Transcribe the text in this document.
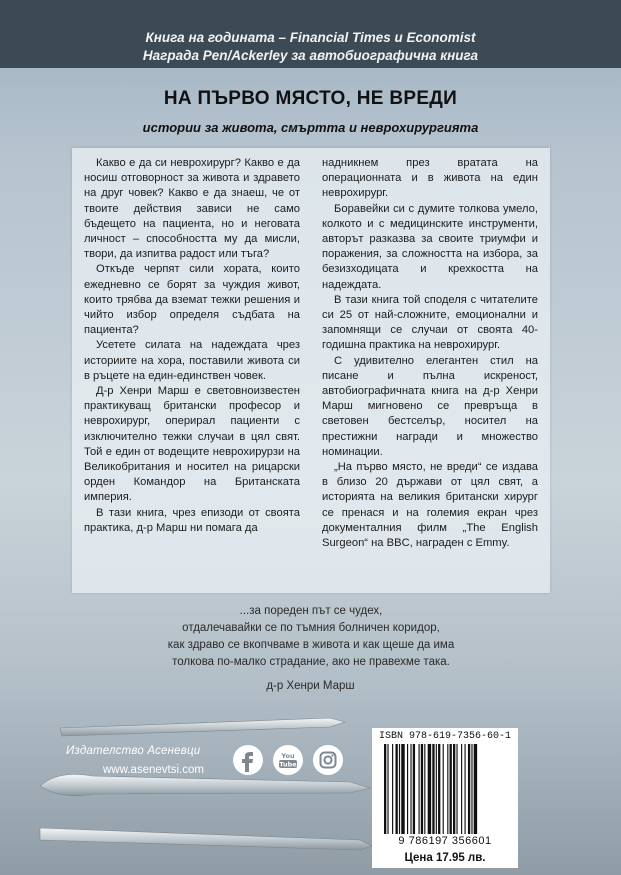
Книга на годината – Financial Times и Economist
Награда Pen/Ackerley за автобиографична книга
НА ПЪРВО МЯСТО, НЕ ВРЕДИ
истории за живота, смъртта и неврохирургията

Какво е да си неврохирург? Какво е да носиш отговорност за живота и здравето на друг човек? Какво е да знаеш, че от твоите действия зависи не само бъдещето на пациента, но и неговата личност – способността му да мисли, твори, да изпитва радост или тъга?

Откъде черпят сили хората, които ежедневно се борят за чуждия живот, които трябва да вземат тежки решения и чийто избор определя съдбата на пациента?

Усетете силата на надеждата чрез историите на хора, поставили живота си в ръцете на един-единствен човек.

Д-р Хенри Марш е световноизвестен практикуващ британски професор и неврохирург, оперирал пациенти с изключително тежки случаи в цял свят. Той е един от водещите неврохирурзи на Великобритания и носител на рицарски орден Командор на Британската империя.

В тази книга, чрез епизоди от своята практика, д-р Марш ни помага да

надникнем през вратата на операционната и в живота на един неврохирург.

Боравейки си с думите толкова умело, колкото и с медицинските инструменти, авторът разказва за своите триумфи и поражения, за сложността на избора, за безизходицата и крехкостта на надеждата.

В тази книга той споделя с читателите си 25 от най-сложните, емоционални и запомнящи се случаи от своята 40-годишна практика на неврохирург.

С удивително елегантен стил на писане и пълна искреност, автобиографичната книга на д-р Хенри Марш мигновено се превръща в световен бестселър, носител на престижни награди и множество номинации.

„На първо място, не вреди“ се издава в близо 20 държави от цял свят, а историята на великия британски хирург се пренася и на големия екран чрез документалния филм „The English Surgeon“ на BBC, награден с Emmy.

...за пореден път се чудех,
отдалечавайки се по тъмния болничен коридор,
как здраво се вкопчваме в живота и как щеше да има
толкова по-малко страдание, ако не правехме така.
д-р Хенри Марш
Издателство Асеневци
www.asenevtsi.com
You
Tube
ISBN 978-619-7356-60-1
9 786197 356601
Цена 17.95 лв.
